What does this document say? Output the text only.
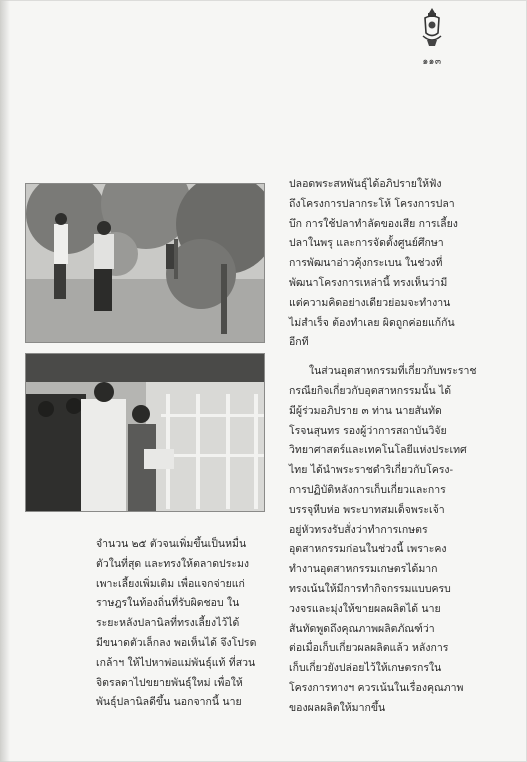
๑๑๓
ปลอดพระสหพันธุ์ได้อภิปรายให้ฟัง
ถึงโครงการปลากระโห้ โครงการปลา
บึก การใช้ปลาทำลัดของเสีย การเลี้ยง
ปลาในพรุ และการจัดตั้งศูนย์ศึกษา
การพัฒนาอ่าวคุ้งกระเบน ในช่วงที่
พัฒนาโครงการเหล่านี้ ทรงเห็นว่ามี
แต่ความคิดอย่างเดียวย่อมจะทำงาน
ไม่สำเร็จ ต้องทำเลย ผิดถูกค่อยแก้กัน
อีกที
ในส่วนอุตสาหกรรมที่เกี่ยวกับพระราช
กรณียกิจเกี่ยวกับอุตสาหกรรมนั้น ได้
มีผู้ร่วมอภิปราย ๓ ท่าน นายสันทัด
โรจนสุนทร รองผู้ว่าการสถาบันวิจัย
วิทยาศาสตร์และเทคโนโลยีแห่งประเทศ
ไทย ได้นำพระราชดำริเกี่ยวกับโครง-
การปฏิบัติหลังการเก็บเกี่ยวและการ
บรรจุหีบห่อ พระบาทสมเด็จพระเจ้า
อยู่หัวทรงรับสั่งว่าทำการเกษตร
อุตสาหกรรมก่อนในช่วงนี้ เพราะคง
ทำงานอุตสาหกรรมเกษตรได้มาก
ทรงเน้นให้มีการทำกิจกรรมแบบครบ
วงจรและมุ่งให้ขายผลผลิตได้ นาย
สันทัดพูดถึงคุณภาพผลิตภัณฑ์ว่า
ต่อเมื่อเก็บเกี่ยวผลผลิตแล้ว หลังการ
เก็บเกี่ยวยังปล่อยไว้ให้เกษตรกรใน
โครงการทางฯ ควรเน้นในเรื่องคุณภาพ
ของผลผลิตให้มากขึ้น
จำนวน ๒๕ ตัวจนเพิ่มขึ้นเป็นหมื่น
ตัวในที่สุด และทรงให้ตลาดประมง
เพาะเลี้ยงเพิ่มเติม เพื่อแจกจ่ายแก่
ราษฎรในท้องถิ่นที่รับผิดชอบ ใน
ระยะหลังปลานิลที่ทรงเลี้ยงไว้ได้
มีขนาดตัวเล็กลง พอเห็นได้ จึงโปรด
เกล้าฯ ให้ไปหาพ่อแม่พันธุ์แท้ ที่สวน
จิตรลดาไปขยายพันธุ์ใหม่ เพื่อให้
พันธุ์ปลานิลดีขึ้น นอกจากนี้ นาย
